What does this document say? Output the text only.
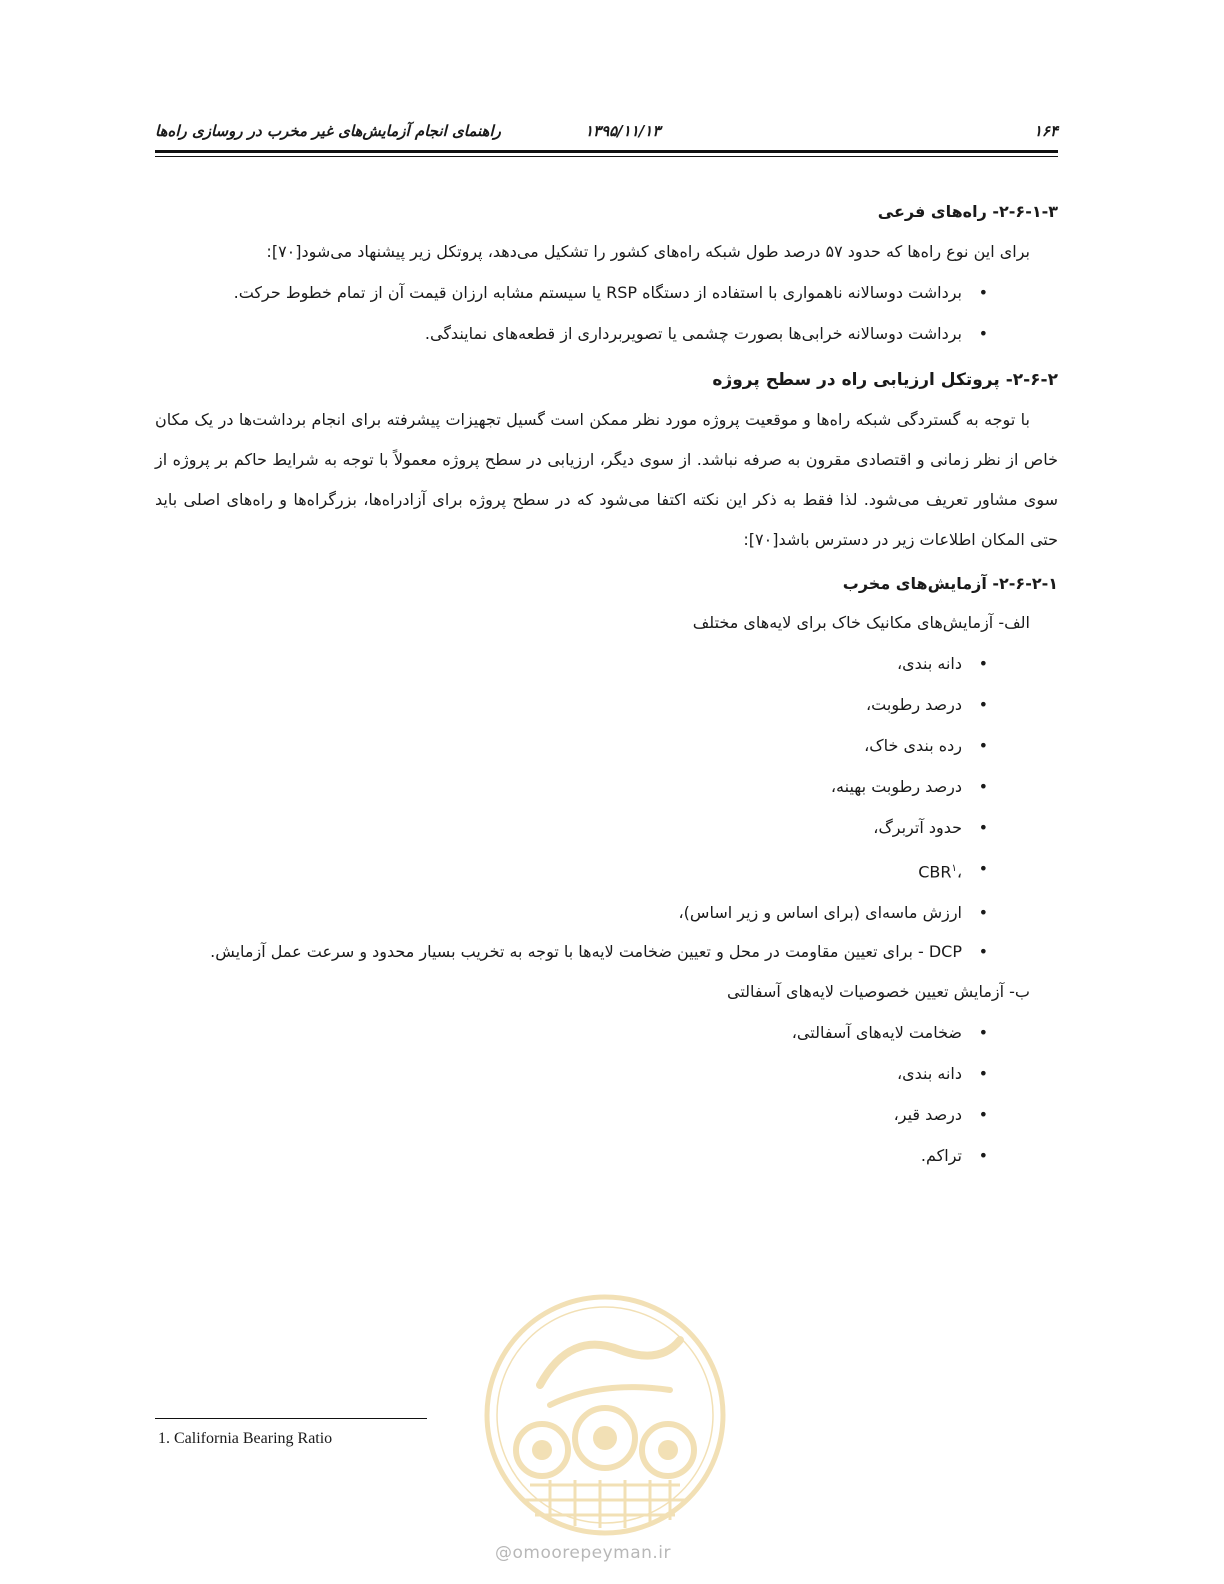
۱۶۴
۱۳۹۵/۱۱/۱۳
راهنمای انجام آزمایش‌های غیر مخرب در روسازی راه‌ها
۲-۶-۱-۳- راه‌های فرعی

برای این نوع راه‌ها که حدود ۵۷ درصد طول شبکه راه‌های کشور را تشکیل می‌دهد، پروتکل زیر پیشنهاد می‌شود[۷۰]:

• برداشت دوسالانه ناهمواری با استفاده از دستگاه RSP یا سیستم مشابه ارزان قیمت آن از تمام خطوط حرکت.
• برداشت دوسالانه خرابی‌ها بصورت چشمی یا تصویربرداری از قطعه‌های نمایندگی.
۲-۶-۲- پروتکل ارزیابی راه در سطح پروژه

با توجه به گستردگی شبکه راه‌ها و موقعیت پروژه مورد نظر ممکن است گسیل تجهیزات پیشرفته برای انجام برداشت‌ها در یک مکان خاص از نظر زمانی و اقتصادی مقرون به صرفه نباشد. از سوی دیگر، ارزیابی در سطح پروژه معمولاً با توجه به شرایط حاکم بر پروژه از سوی مشاور تعریف می‌شود. لذا فقط به ذکر این نکته اکتفا می‌شود که در سطح پروژه برای آزادراه‌ها، بزرگراه‌ها و راه‌های اصلی باید حتی المکان اطلاعات زیر در دسترس باشد[۷۰]:

۲-۶-۲-۱- آزمایش‌های مخرب
الف- آزمایش‌های مکانیک خاک برای لایه‌های مختلف
• دانه بندی،
• درصد رطوبت،
• رده بندی خاک،
• درصد رطوبت بهینه،
• حدود آتربرگ،
• ،CBR$^۱$
• ارزش ماسه‌ای (برای اساس و زیر اساس)،
• DCP - برای تعیین مقاومت در محل و تعیین ضخامت لایه‌ها با توجه به تخریب بسیار محدود و سرعت عمل آزمایش.
ب- آزمایش تعیین خصوصیات لایه‌های آسفالتی
• ضخامت لایه‌های آسفالتی،
• دانه بندی،
• درصد قیر،
• تراکم.
1. California Bearing Ratio
@omoorepeyman.ir
